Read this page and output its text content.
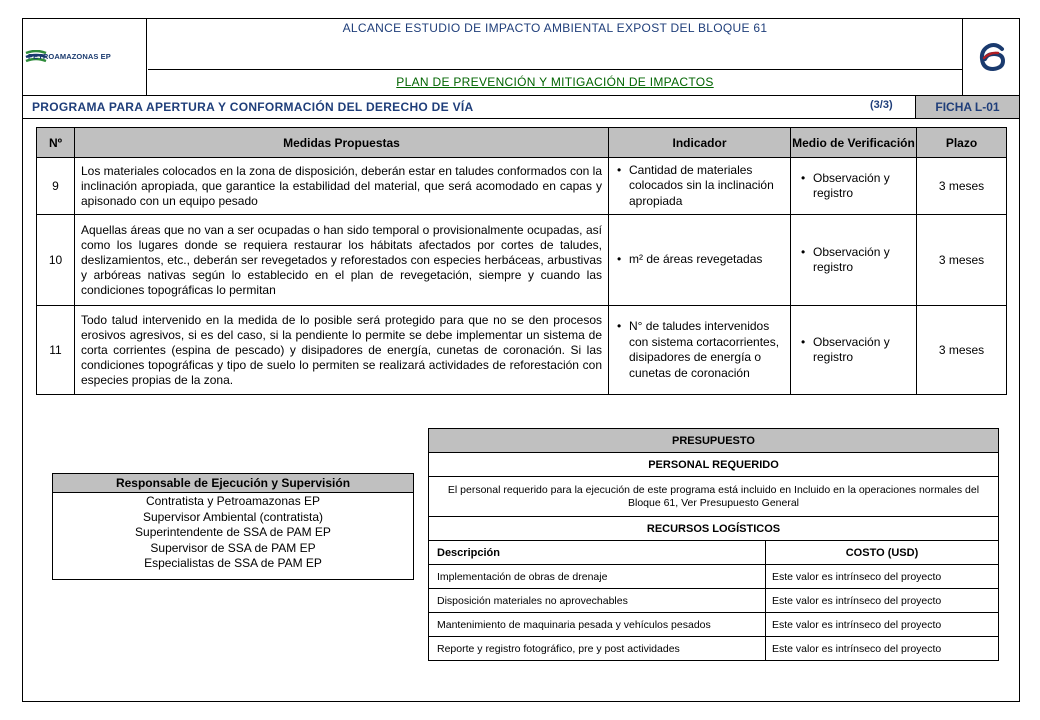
PETROAMAZONAS EP
ALCANCE ESTUDIO DE IMPACTO AMBIENTAL EXPOST DEL BLOQUE 61
PLAN DE PREVENCIÓN Y MITIGACIÓN DE IMPACTOS
PROGRAMA PARA APERTURA Y CONFORMACIÓN DEL DERECHO DE VÍA	(3/3)	FICHA L-01
Nº	Medidas Propuestas	Indicador	Medio de Verificación	Plazo
9	Los materiales colocados en la zona de disposición, deberán estar en taludes conformados con la inclinación apropiada, que garantice la estabilidad del material, que será acomodado en capas y apisonado con un equipo pesado	• Cantidad de materiales colocados sin la inclinación apropiada	• Observación y registro	3 meses
10	Aquellas áreas que no van a ser ocupadas o han sido temporal o provisionalmente ocupadas, así como los lugares donde se requiera restaurar los hábitats afectados por cortes de taludes, deslizamientos, etc., deberán ser revegetados y reforestados con especies herbáceas, arbustivas y arbóreas nativas según lo establecido en el plan de revegetación, siempre y cuando las condiciones topográficas lo permitan	• m² de áreas revegetadas	• Observación y registro	3 meses
11	Todo talud intervenido en la medida de lo posible será protegido para que no se den procesos erosivos agresivos, si es del caso, si la pendiente lo permite se debe implementar un sistema de corta corrientes (espina de pescado) y disipadores de energía, cunetas de coronación. Si las condiciones topográficas y tipo de suelo lo permiten se realizará actividades de reforestación con especies propias de la zona.	• N° de taludes intervenidos con sistema cortacorrientes, disipadores de energía o cunetas de coronación	• Observación y registro	3 meses
Responsable de Ejecución y Supervisión
Contratista y Petroamazonas EP
Supervisor Ambiental (contratista)
Superintendente de SSA de PAM EP
Supervisor de SSA de PAM EP
Especialistas de SSA de PAM EP
PRESUPUESTO	
PERSONAL REQUERIDO	
El personal requerido para la ejecución de este programa está incluido en Incluido en la operaciones normales del Bloque 61, Ver Presupuesto General	
RECURSOS LOGÍSTICOS	
Descripción	COSTO (USD)
Implementación de obras de drenaje	Este valor es intrínseco del proyecto
Disposición materiales no aprovechables	Este valor es intrínseco del proyecto
Mantenimiento de maquinaria pesada y vehículos pesados	Este valor es intrínseco del proyecto
Reporte y registro fotográfico, pre y post actividades	Este valor es intrínseco del proyecto
